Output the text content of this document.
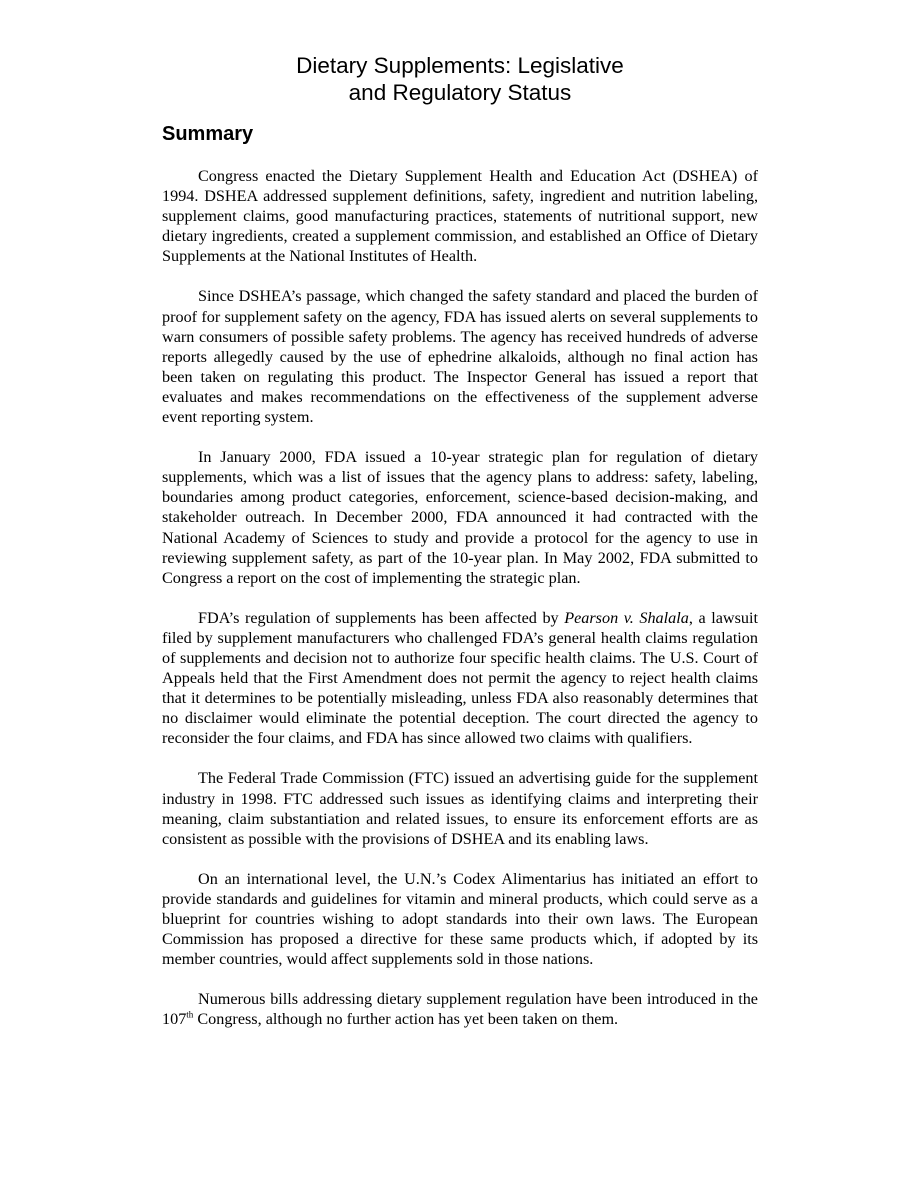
Dietary Supplements: Legislative
and Regulatory Status
Summary

Congress enacted the Dietary Supplement Health and Education Act (DSHEA) of 1994. DSHEA addressed supplement definitions, safety, ingredient and nutrition labeling, supplement claims, good manufacturing practices, statements of nutritional support, new dietary ingredients, created a supplement commission, and established an Office of Dietary Supplements at the National Institutes of Health.

Since DSHEA’s passage, which changed the safety standard and placed the burden of proof for supplement safety on the agency, FDA has issued alerts on several supplements to warn consumers of possible safety problems. The agency has received hundreds of adverse reports allegedly caused by the use of ephedrine alkaloids, although no final action has been taken on regulating this product. The Inspector General has issued a report that evaluates and makes recommendations on the effectiveness of the supplement adverse event reporting system.

In January 2000, FDA issued a 10-year strategic plan for regulation of dietary supplements, which was a list of issues that the agency plans to address: safety, labeling, boundaries among product categories, enforcement, science-based decision-making, and stakeholder outreach. In December 2000, FDA announced it had contracted with the National Academy of Sciences to study and provide a protocol for the agency to use in reviewing supplement safety, as part of the 10-year plan. In May 2002, FDA submitted to Congress a report on the cost of implementing the strategic plan.

FDA’s regulation of supplements has been affected by Pearson v. Shalala, a lawsuit filed by supplement manufacturers who challenged FDA’s general health claims regulation of supplements and decision not to authorize four specific health claims. The U.S. Court of Appeals held that the First Amendment does not permit the agency to reject health claims that it determines to be potentially misleading, unless FDA also reasonably determines that no disclaimer would eliminate the potential deception. The court directed the agency to reconsider the four claims, and FDA has since allowed two claims with qualifiers.

The Federal Trade Commission (FTC) issued an advertising guide for the supplement industry in 1998. FTC addressed such issues as identifying claims and interpreting their meaning, claim substantiation and related issues, to ensure its enforcement efforts are as consistent as possible with the provisions of DSHEA and its enabling laws.

On an international level, the U.N.’s Codex Alimentarius has initiated an effort to provide standards and guidelines for vitamin and mineral products, which could serve as a blueprint for countries wishing to adopt standards into their own laws. The European Commission has proposed a directive for these same products which, if adopted by its member countries, would affect supplements sold in those nations.

Numerous bills addressing dietary supplement regulation have been introduced in the 107th Congress, although no further action has yet been taken on them.
